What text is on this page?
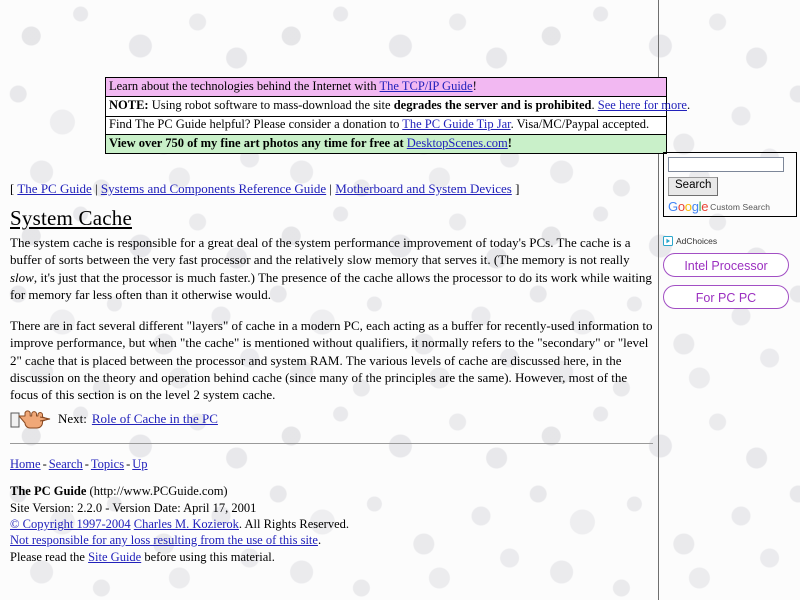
Learn about the technologies behind the Internet with The TCP/IP Guide!
NOTE: Using robot software to mass-download the site degrades the server and is prohibited. See here for more.
Find The PC Guide helpful? Please consider a donation to The PC Guide Tip Jar. Visa/MC/Paypal accepted.
View over 750 of my fine art photos any time for free at DesktopScenes.com!
[ The PC Guide | Systems and Components Reference Guide | Motherboard and System Devices ]
System Cache

The system cache is responsible for a great deal of the system performance improvement of today's PCs. The cache is a buffer of sorts between the very fast processor and the relatively slow memory that serves it. (The memory is not really slow, it's just that the processor is much faster.) The presence of the cache allows the processor to do its work while waiting for memory far less often than it otherwise would.

There are in fact several different "layers" of cache in a modern PC, each acting as a buffer for recently-used information to improve performance, but when "the cache" is mentioned without qualifiers, it normally refers to the "secondary" or "level 2" cache that is placed between the processor and system RAM. The various levels of cache are discussed here, in the discussion on the theory and operation behind cache (since many of the principles are the same). However, most of the focus of this section is on the level 2 system cache.

Next: Role of Cache in the PC
Home - Search - Topics - Up
The PC Guide (http://www.PCGuide.com)
Site Version: 2.2.0 - Version Date: April 17, 2001
© Copyright 1997-2004 Charles M. Kozierok. All Rights Reserved.
Not responsible for any loss resulting from the use of this site.
Please read the Site Guide before using this material.
Search
Google Custom Search
AdChoices
Intel Processor
For PC PC
